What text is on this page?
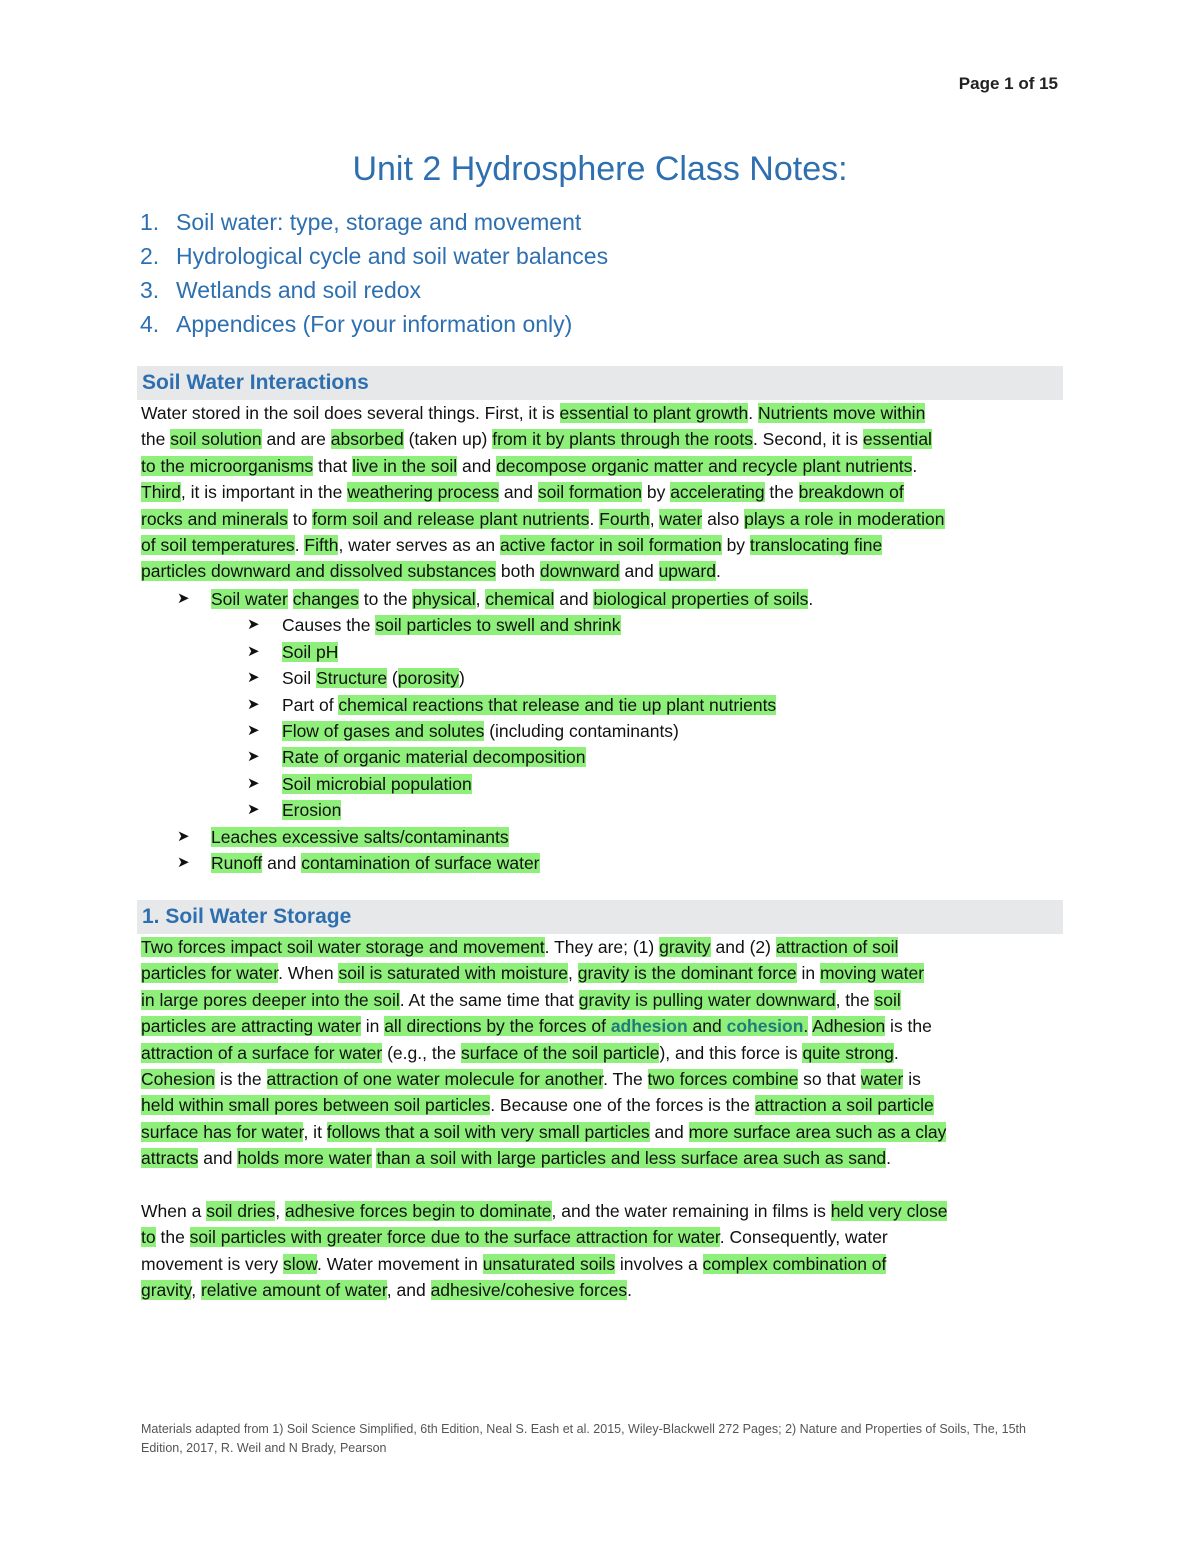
Page 1 of 15
Unit 2 Hydrosphere Class Notes:
1. Soil water: type, storage and movement
2. Hydrological cycle and soil water balances
3. Wetlands and soil redox
4. Appendices (For your information only)
Soil Water Interactions
Water stored in the soil does several things. First, it is essential to plant growth. Nutrients move within
the soil solution and are absorbed (taken up) from it by plants through the roots. Second, it is essential
to the microorganisms that live in the soil and decompose organic matter and recycle plant nutrients.
Third, it is important in the weathering process and soil formation by accelerating the breakdown of
rocks and minerals to form soil and release plant nutrients. Fourth, water also plays a role in moderation
of soil temperatures. Fifth, water serves as an active factor in soil formation by translocating fine
particles downward and dissolved substances both downward and upward.
➤ Soil water changes to the physical, chemical and biological properties of soils.
➤ Causes the soil particles to swell and shrink
➤ Soil pH
➤ Soil Structure (porosity)
➤ Part of chemical reactions that release and tie up plant nutrients
➤ Flow of gases and solutes (including contaminants)
➤ Rate of organic material decomposition
➤ Soil microbial population
➤ Erosion
➤ Leaches excessive salts/contaminants
➤ Runoff and contamination of surface water
1. Soil Water Storage
Two forces impact soil water storage and movement. They are; (1) gravity and (2) attraction of soil
particles for water. When soil is saturated with moisture, gravity is the dominant force in moving water
in large pores deeper into the soil. At the same time that gravity is pulling water downward, the soil
particles are attracting water in all directions by the forces of adhesion and cohesion. Adhesion is the
attraction of a surface for water (e.g., the surface of the soil particle), and this force is quite strong.
Cohesion is the attraction of one water molecule for another. The two forces combine so that water is
held within small pores between soil particles. Because one of the forces is the attraction a soil particle
surface has for water, it follows that a soil with very small particles and more surface area such as a clay
attracts and holds more water than a soil with large particles and less surface area such as sand.
When a soil dries, adhesive forces begin to dominate, and the water remaining in films is held very close
to the soil particles with greater force due to the surface attraction for water. Consequently, water
movement is very slow. Water movement in unsaturated soils involves a complex combination of
gravity, relative amount of water, and adhesive/cohesive forces.
Materials adapted from 1) Soil Science Simplified, 6th Edition, Neal S. Eash et al. 2015, Wiley-Blackwell 272 Pages; 2) Nature and Properties of Soils, The, 15th Edition, 2017, R. Weil and N Brady, Pearson
